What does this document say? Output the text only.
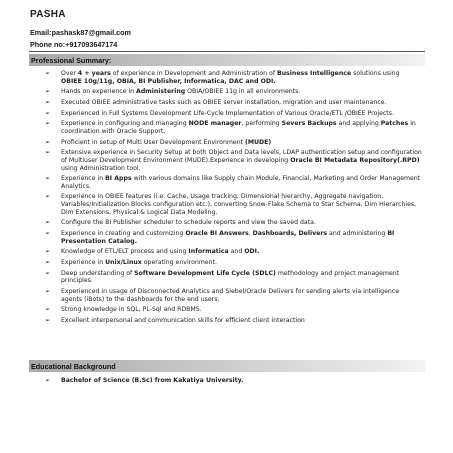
PASHA
Email:pashask87@gmail.com
Phone no:+917093647174
Professional Summary:
➢ Over 4 + years of experience in Development and Administration of Business Intelligence solutions using OBIEE 10g/11g, OBIA, BI Publisher, Informatica, DAC and ODI.
➢ Hands on experience in Administering OBIA/OBIEE 11g in all environments.
➢ Executed OBIEE administrative tasks such as OBIEE server installation, migration and user maintenance.
➢ Experienced in Full Systems Development Life-Cycle Implementation of Various Oracle/ETL /OBIEE Projects.
➢ Experience in configuring and managing NODE manager, performing Severs Backups and applying Patches in coordination with Oracle Support.
➢ Proficient in setup of Multi User Development Environment (MUDE)
➢ Extensive experience in Security Setup at both Object and Data levels, LDAP authentication setup and configuration of Multiuser Development Environment (MUDE).Experience in developing Oracle BI Metadata Repository(.RPD) using Administration tool.
➢ Experience in BI Apps with various domains like Supply chain Module, Financial, Marketing and Order Management Analytics.
➢ Experience in OBIEE features (i.e. Cache, Usage tracking, Dimensional hierarchy, Aggregate navigation, Variables/Initialization Blocks configuration etc.), converting Snow-Flake Schema to Star Schema, Dim Hierarchies, Dim Extensions, Physical & Logical Data Modeling.
➢ Configure the BI Publisher scheduler to schedule reports and view the saved data.
➢ Experience in creating and customizing Oracle BI Answers, Dashboards, Delivers and administering BI Presentation Catalog.
➢ Knowledge of ETL/ELT process and using Informatica and ODI.
➢ Experience in Unix/Linux operating environment.
➢ Deep understanding of Software Development Life Cycle (SDLC) methodology and project management principles.
➢ Experienced in usage of Disconnected Analytics and Siebel/Oracle Delivers for sending alerts via intelligence agents (iBots) to the dashboards for the end users.
➢ Strong knowledge in SQL, PL-Sql and RDBMS.
➢ Excellent interpersonal and communication skills for efficient client interaction
Educational Background
➢ Bachelor of Science (B.Sc) from Kakatiya University.
